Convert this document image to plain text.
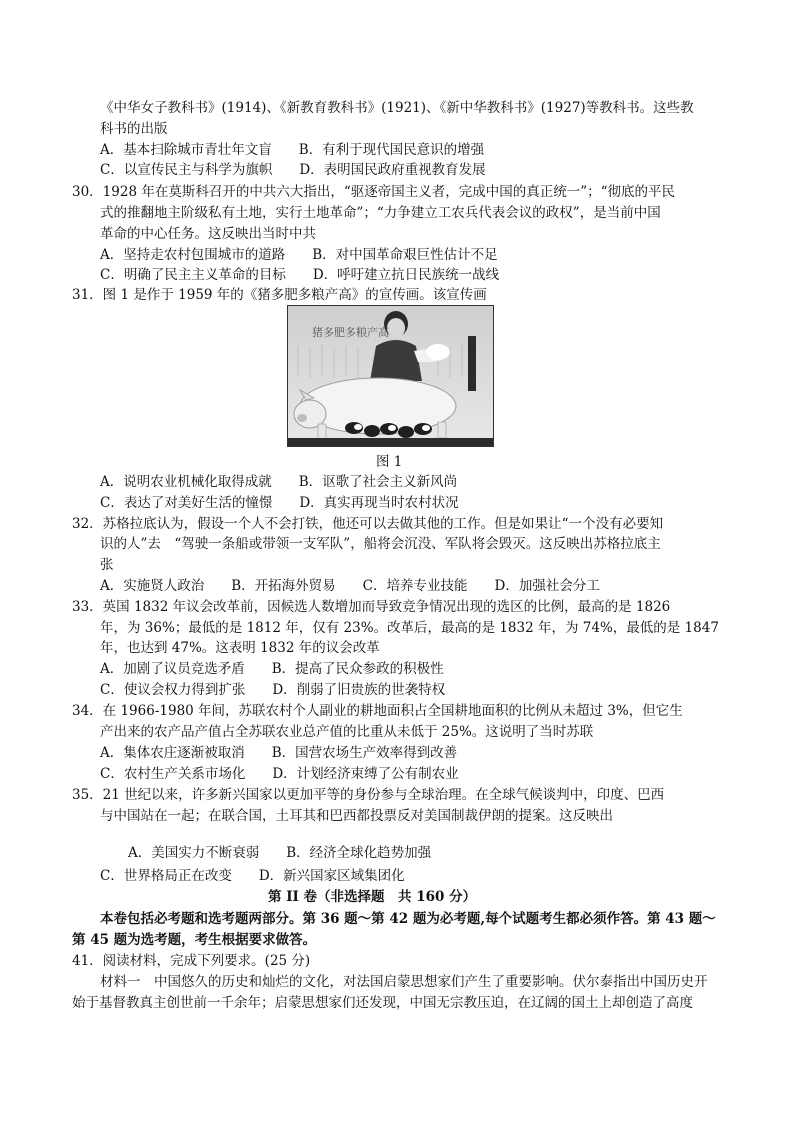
《中华女子教科书》(1914)、《新教育教科书》(1921)、《新中华教科书》(1927)等教科书。这些教
科书的出版
A．基本扫除城市青壮年文盲　　B．有利于现代国民意识的增强
C．以宣传民主与科学为旗帜　　D．表明国民政府重视教育发展
30．1928 年在莫斯科召开的中共六大指出，“驱逐帝国主义者，完成中国的真正统一”；“彻底的平民
式的推翻地主阶级私有土地，实行土地革命”；“力争建立工农兵代表会议的政权”，是当前中国
革命的中心任务。这反映出当时中共
A．坚持走农村包围城市的道路　　B．对中国革命艰巨性估计不足
C．明确了民主主义革命的目标　　D．呼吁建立抗日民族统一战线
31．图 1 是作于 1959 年的《猪多肥多粮产高》的宣传画。该宣传画
猪多肥多粮产高
图 1
A．说明农业机械化取得成就　　B．讴歌了社会主义新风尚
C．表达了对美好生活的憧憬　　D．真实再现当时农村状况
32．苏格拉底认为，假设一个人不会打铁，他还可以去做其他的工作。但是如果让“一个没有必要知
识的人”去　“驾驶一条船或带领一支军队”，船将会沉没、军队将会毁灭。这反映出苏格拉底主
张
A．实施贤人政治　　B．开拓海外贸易　　C．培养专业技能　　D．加强社会分工
33．英国 1832 年议会改革前，因候选人数增加而导致竞争情况出现的选区的比例，最高的是 1826
年，为 36%；最低的是 1812 年，仅有 23%。改革后，最高的是 1832 年，为 74%，最低的是 1847
年，也达到 47%。这表明 1832 年的议会改革
A．加剧了议员竞选矛盾　　B．提高了民众参政的积极性
C．使议会权力得到扩张　　D．削弱了旧贵族的世袭特权
34．在 1966-1980 年间，苏联农村个人副业的耕地面积占全国耕地面积的比例从未超过 3%，但它生
产出来的农产品产值占全苏联农业总产值的比重从未低于 25%。这说明了当时苏联
A．集体农庄逐渐被取消　　B．国营农场生产效率得到改善
C．农村生产关系市场化　　D．计划经济束缚了公有制农业
35．21 世纪以来，许多新兴国家以更加平等的身份参与全球治理。在全球气候谈判中，印度、巴西
与中国站在一起；在联合国，土耳其和巴西都投票反对美国制裁伊朗的提案。这反映出
A．美国实力不断衰弱　　B．经济全球化趋势加强
C．世界格局正在改变　　D．新兴国家区域集团化
第 II 卷（非选择题　共 160 分）
本卷包括必考题和选考题两部分。第 36 题～第 42 题为必考题,每个试题考生都必须作答。第 43 题～
第 45 题为选考题，考生根据要求做答。
41．阅读材料，完成下列要求。(25 分)
材料一　中国悠久的历史和灿烂的文化，对法国启蒙思想家们产生了重要影响。伏尔泰指出中国历史开
始于基督教真主创世前一千余年；启蒙思想家们还发现，中国无宗教压迫，在辽阔的国土上却创造了高度
